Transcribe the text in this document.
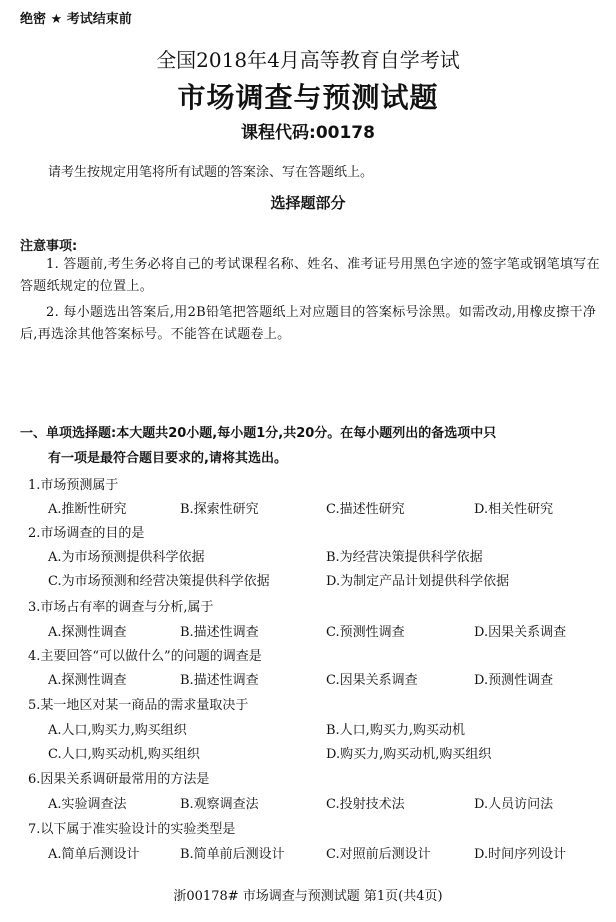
绝密 ★ 考试结束前
全国2018年4月高等教育自学考试
市场调查与预测试题
课程代码:00178
请考生按规定用笔将所有试题的答案涂、写在答题纸上。
选择题部分
注意事项:
1. 答题前,考生务必将自己的考试课程名称、姓名、准考证号用黑色字迹的签字笔或钢笔填写在答题纸规定的位置上。
2. 每小题选出答案后,用2B铅笔把答题纸上对应题目的答案标号涂黑。如需改动,用橡皮擦干净后,再选涂其他答案标号。不能答在试题卷上。
一、单项选择题:本大题共20小题,每小题1分,共20分。在每小题列出的备选项中只
有一项是最符合题目要求的,请将其选出。
1.市场预测属于
A.推断性研究	B.探索性研究	C.描述性研究	D.相关性研究
2.市场调查的目的是
A.为市场预测提供科学依据	B.为经营决策提供科学依据
C.为市场预测和经营决策提供科学依据	D.为制定产品计划提供科学依据
3.市场占有率的调查与分析,属于
A.探测性调查	B.描述性调查	C.预测性调查	D.因果关系调查
4.主要回答“可以做什么”的问题的调查是
A.探测性调查	B.描述性调查	C.因果关系调查	D.预测性调查
5.某一地区对某一商品的需求量取决于
A.人口,购买力,购买组织	B.人口,购买力,购买动机
C.人口,购买动机,购买组织	D.购买力,购买动机,购买组织
6.因果关系调研最常用的方法是
A.实验调查法	B.观察调查法	C.投射技术法	D.人员访问法
7.以下属于准实验设计的实验类型是
A.简单后测设计	B.简单前后测设计	C.对照前后测设计	D.时间序列设计
浙00178# 市场调查与预测试题 第1页(共4页)
